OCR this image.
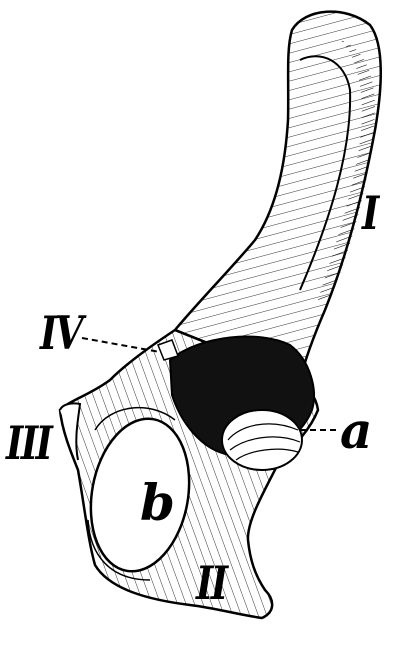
I
II
III
IV
a
b
